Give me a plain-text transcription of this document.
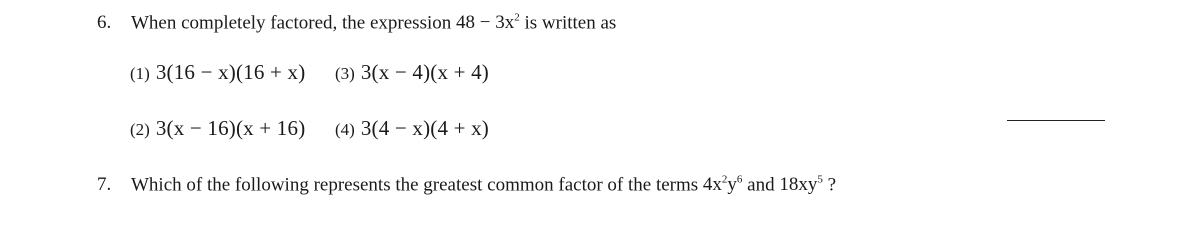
6. When completely factored, the expression $48 - 3x^2$ is written as
(1) 3(16 − x)(16 + x) (3) 3(x − 4)(x + 4)
(2) 3(x − 16)(x + 16) (4) 3(4 − x)(4 + x)
7. Which of the following represents the greatest common factor of the terms $4x^2y^6$ and $18xy^5$ ?
